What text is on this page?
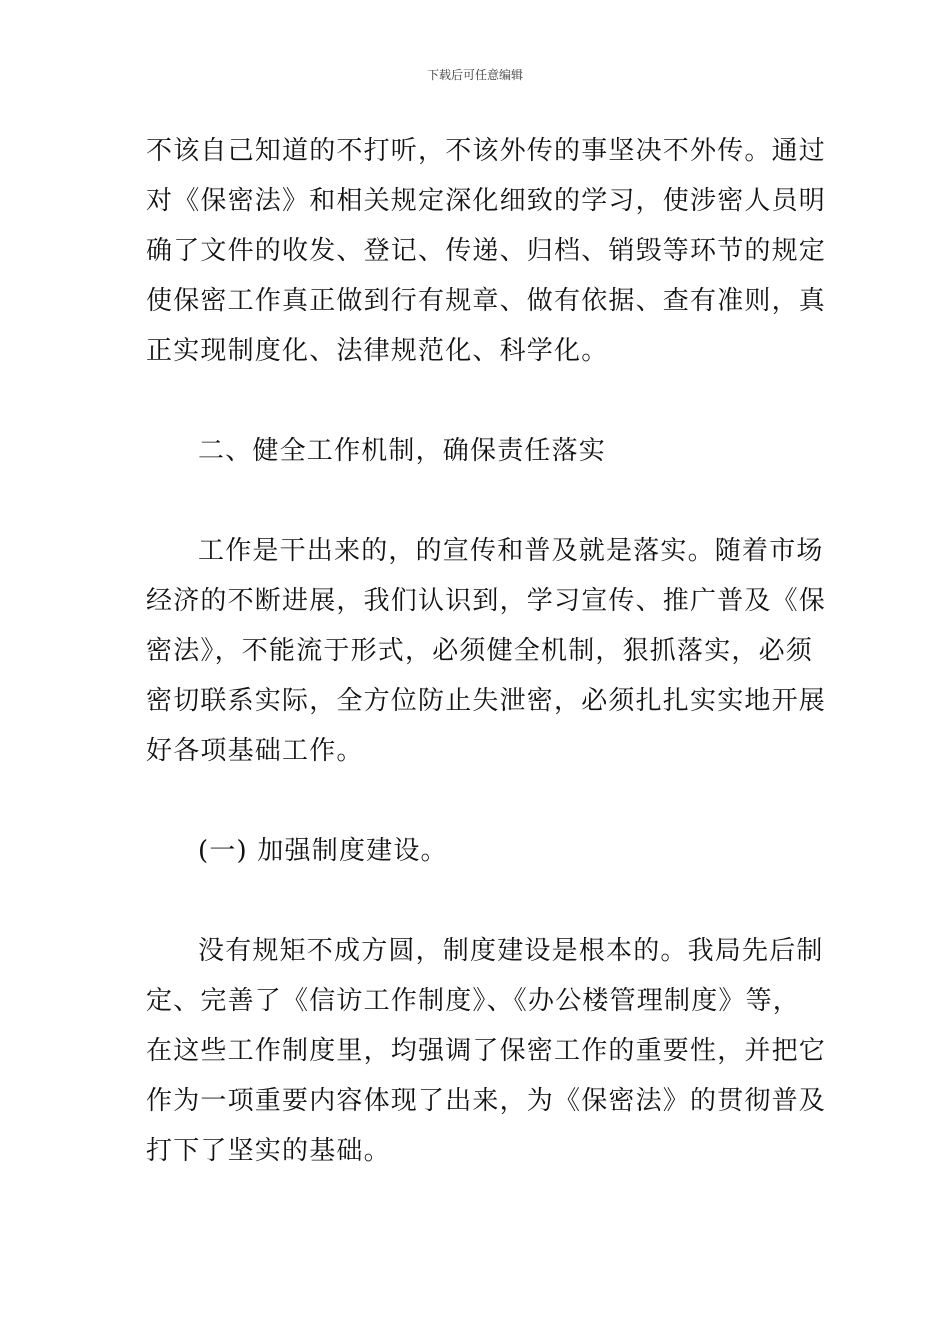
下载后可任意编辑

不该自己知道的不打听，不该外传的事坚决不外传。通过
对《保密法》和相关规定深化细致的学习，使涉密人员明
确了文件的收发、登记、传递、归档、销毁等环节的规定
使保密工作真正做到行有规章、做有依据、查有准则，真
正实现制度化、法律规范化、科学化。

二、健全工作机制，确保责任落实

工作是干出来的，的宣传和普及就是落实。随着市场
经济的不断进展，我们认识到，学习宣传、推广普及《保
密法》，不能流于形式，必须健全机制，狠抓落实，必须
密切联系实际，全方位防止失泄密，必须扎扎实实地开展
好各项基础工作。

(一) 加强制度建设。

没有规矩不成方圆，制度建设是根本的。我局先后制
定、完善了《信访工作制度》、《办公楼管理制度》等，
在这些工作制度里，均强调了保密工作的重要性，并把它
作为一项重要内容体现了出来，为《保密法》的贯彻普及
打下了坚实的基础。
